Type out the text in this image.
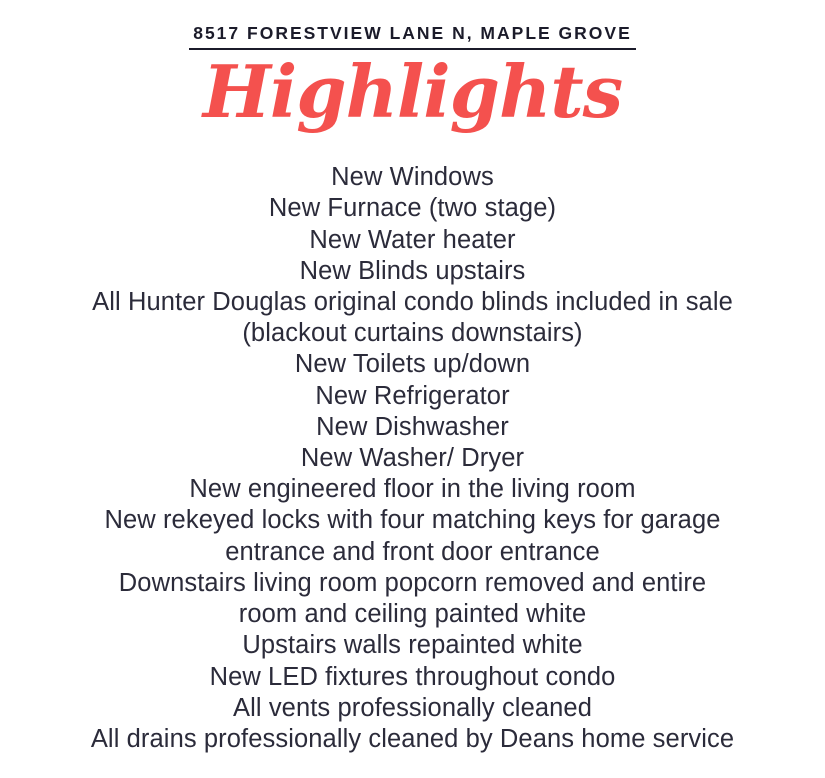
8517 FORESTVIEW LANE N, MAPLE GROVE
Highlights
New Windows
New Furnace (two stage)
New Water heater
New Blinds upstairs
All Hunter Douglas original condo blinds included in sale
(blackout curtains downstairs)
New Toilets up/down
New Refrigerator
New Dishwasher
New Washer/ Dryer
New engineered floor in the living room
New rekeyed locks with four matching keys for garage
entrance and front door entrance
Downstairs living room popcorn removed and entire
room and ceiling painted white
Upstairs walls repainted white
New LED fixtures throughout condo
All vents professionally cleaned
All drains professionally cleaned by Deans home service
